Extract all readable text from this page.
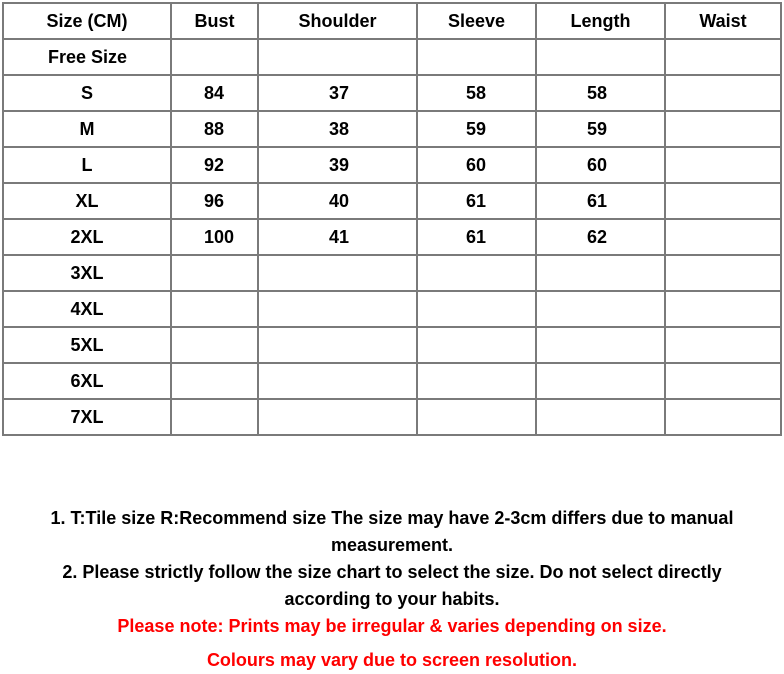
Size (CM)	Bust	Shoulder	Sleeve	Length	Waist
Free Size					
S	84	37	58	58	
M	88	38	59	59	
L	92	39	60	60	
XL	96	40	61	61	
2XL	100	41	61	62	
3XL					
4XL					
5XL					
6XL					
7XL					

1. T:Tile size R:Recommend size The size may have 2-3cm differs due to manual

measurement.

2. Please strictly follow the size chart to select the size. Do not select directly

according to your habits.

Please note: Prints may be irregular & varies depending on size.

Colours may vary due to screen resolution.
